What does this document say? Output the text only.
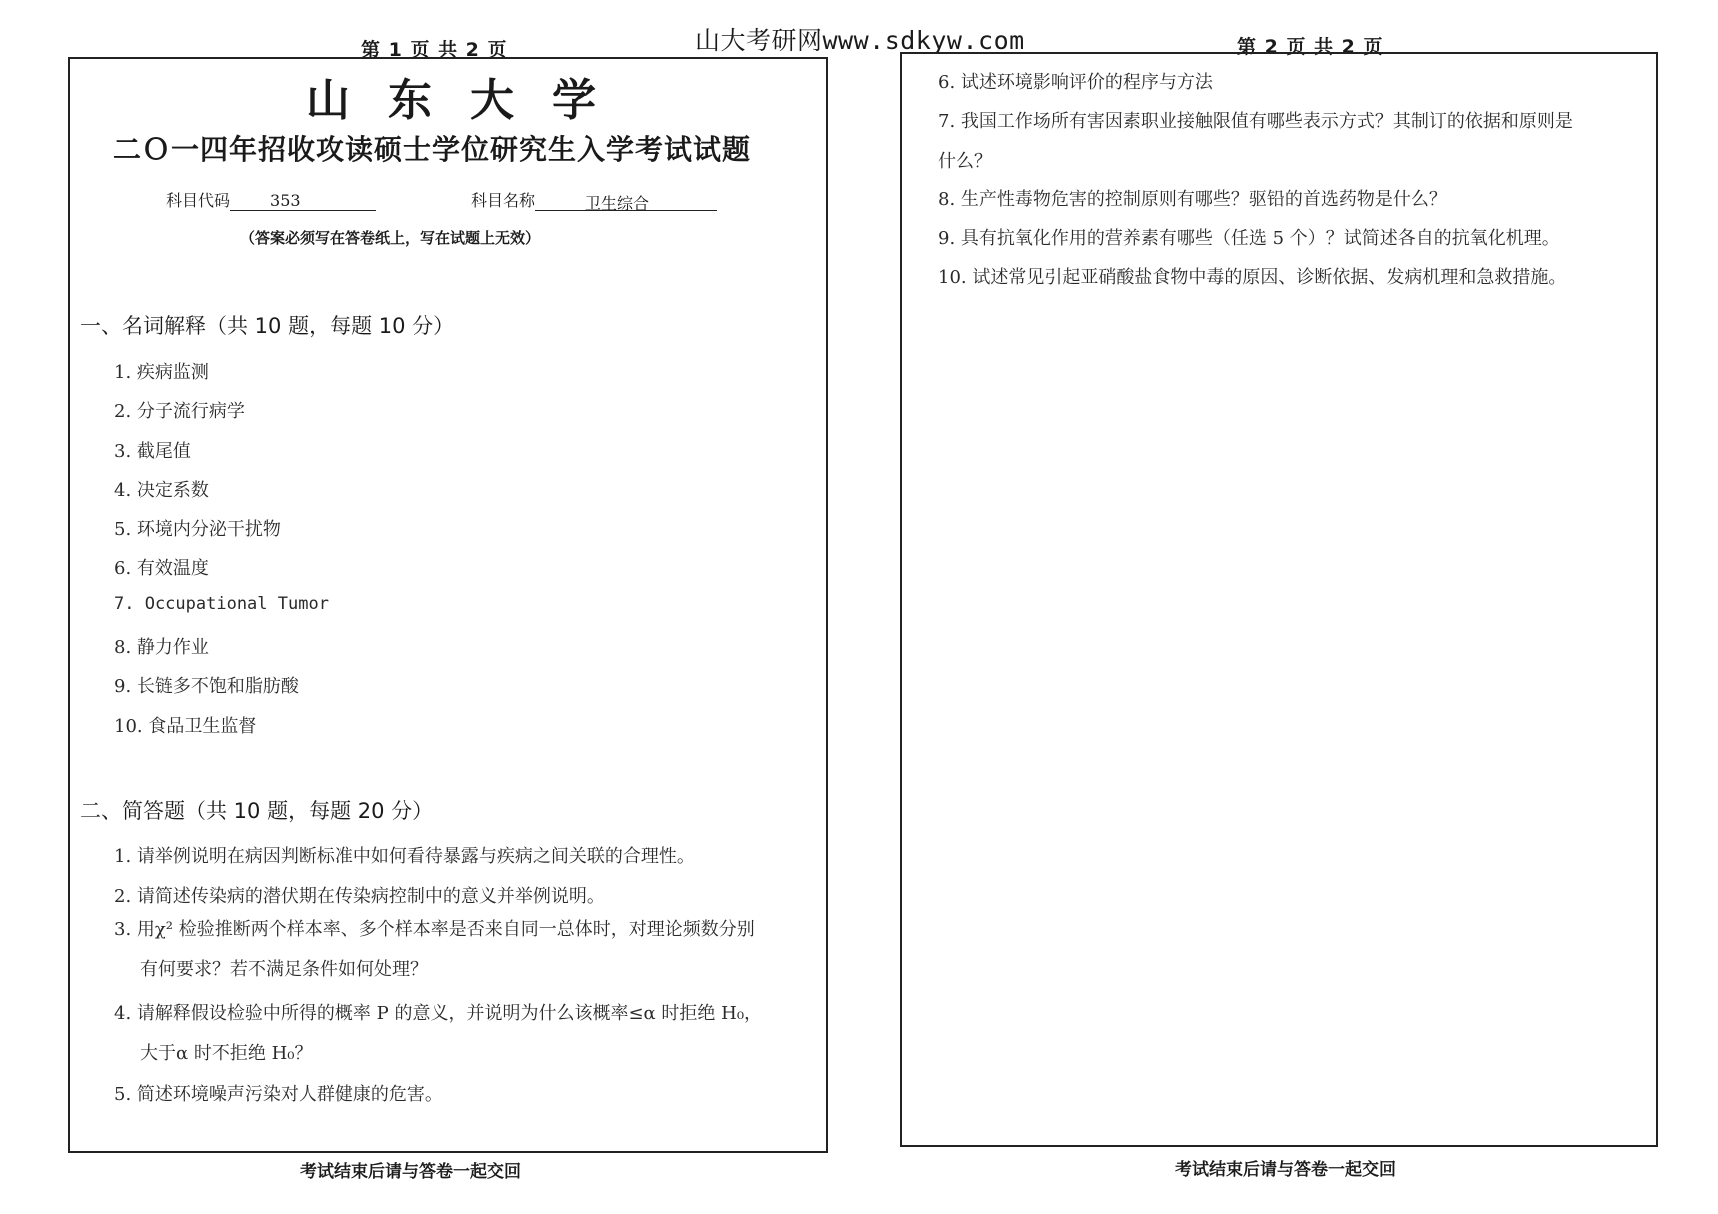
第 1 页 共 2 页	山大考研网www.sdkyw.com	第 2 页 共 2 页
山东大学
二Ｏ一四年招收攻读硕士学位研究生入学考试试题
科目代码	353	科目名称	卫生综合
（答案必须写在答卷纸上，写在试题上无效）
一、名词解释（共 10 题，每题 10 分）
1. 疾病监测
2. 分子流行病学
3. 截尾值
4. 决定系数
5. 环境内分泌干扰物
6. 有效温度
7. Occupational Tumor
8. 静力作业
9. 长链多不饱和脂肪酸
10. 食品卫生监督
二、简答题（共 10 题，每题 20 分）
1. 请举例说明在病因判断标准中如何看待暴露与疾病之间关联的合理性。
2. 请简述传染病的潜伏期在传染病控制中的意义并举例说明。
3. 用χ² 检验推断两个样本率、多个样本率是否来自同一总体时，对理论频数分别
有何要求？若不满足条件如何处理？
4. 请解释假设检验中所得的概率 P 的意义，并说明为什么该概率≤α 时拒绝 H₀，
大于α 时不拒绝 H₀？
5. 简述环境噪声污染对人群健康的危害。
考试结束后请与答卷一起交回
6. 试述环境影响评价的程序与方法
7. 我国工作场所有害因素职业接触限值有哪些表示方式？其制订的依据和原则是
什么？
8. 生产性毒物危害的控制原则有哪些？驱铅的首选药物是什么？
9. 具有抗氧化作用的营养素有哪些（任选 5 个）？试简述各自的抗氧化机理。
10. 试述常见引起亚硝酸盐食物中毒的原因、诊断依据、发病机理和急救措施。
考试结束后请与答卷一起交回
